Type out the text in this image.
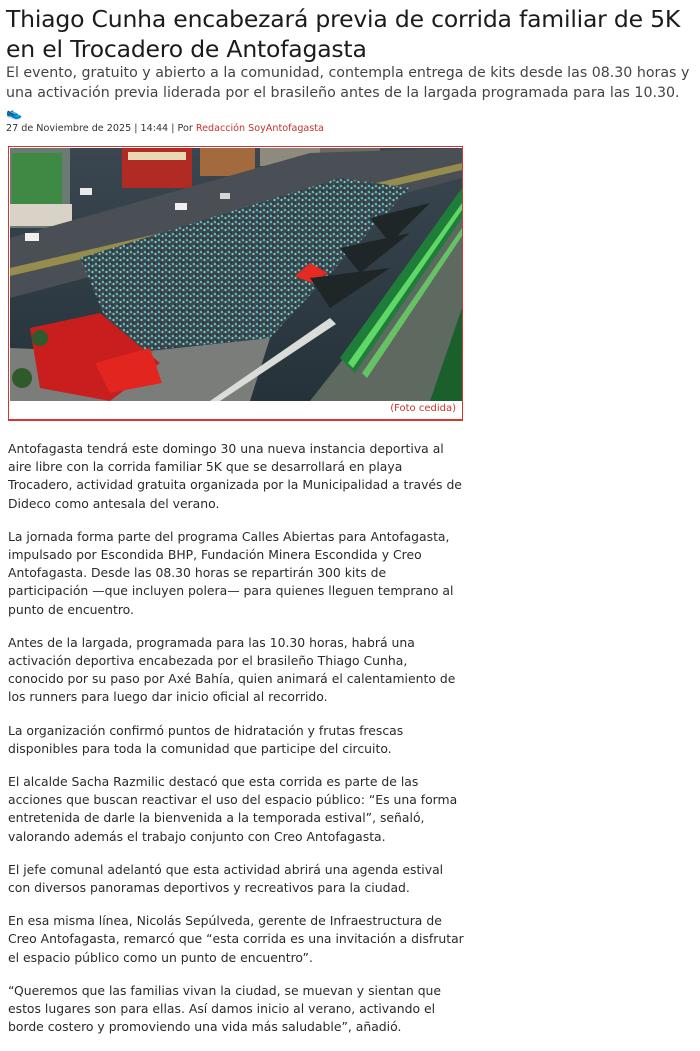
Thiago Cunha encabezará previa de corrida familiar de 5K en el Trocadero de Antofagasta

El evento, gratuito y abierto a la comunidad, contempla entrega de kits desde las 08.30 horas y una activación previa liderada por el brasileño antes de la largada programada para las 10.30. 👟

27 de Noviembre de 2025 | 14:44 | Por Redacción SoyAntofagasta
(Foto cedida)

Antofagasta tendrá este domingo 30 una nueva instancia deportiva al aire libre con la corrida familiar 5K que se desarrollará en playa Trocadero, actividad gratuita organizada por la Municipalidad a través de Dideco como antesala del verano.

La jornada forma parte del programa Calles Abiertas para Antofagasta, impulsado por Escondida BHP, Fundación Minera Escondida y Creo Antofagasta. Desde las 08.30 horas se repartirán 300 kits de participación —que incluyen polera— para quienes lleguen temprano al punto de encuentro.

Antes de la largada, programada para las 10.30 horas, habrá una activación deportiva encabezada por el brasileño Thiago Cunha, conocido por su paso por Axé Bahía, quien animará el calentamiento de los runners para luego dar inicio oficial al recorrido.

La organización confirmó puntos de hidratación y frutas frescas disponibles para toda la comunidad que participe del circuito.

El alcalde Sacha Razmilic destacó que esta corrida es parte de las acciones que buscan reactivar el uso del espacio público: “Es una forma entretenida de darle la bienvenida a la temporada estival”, señaló, valorando además el trabajo conjunto con Creo Antofagasta.

El jefe comunal adelantó que esta actividad abrirá una agenda estival con diversos panoramas deportivos y recreativos para la ciudad.

En esa misma línea, Nicolás Sepúlveda, gerente de Infraestructura de Creo Antofagasta, remarcó que “esta corrida es una invitación a disfrutar el espacio público como un punto de encuentro”.

“Queremos que las familias vivan la ciudad, se muevan y sientan que estos lugares son para ellas. Así damos inicio al verano, activando el borde costero y promoviendo una vida más saludable”, añadió.
